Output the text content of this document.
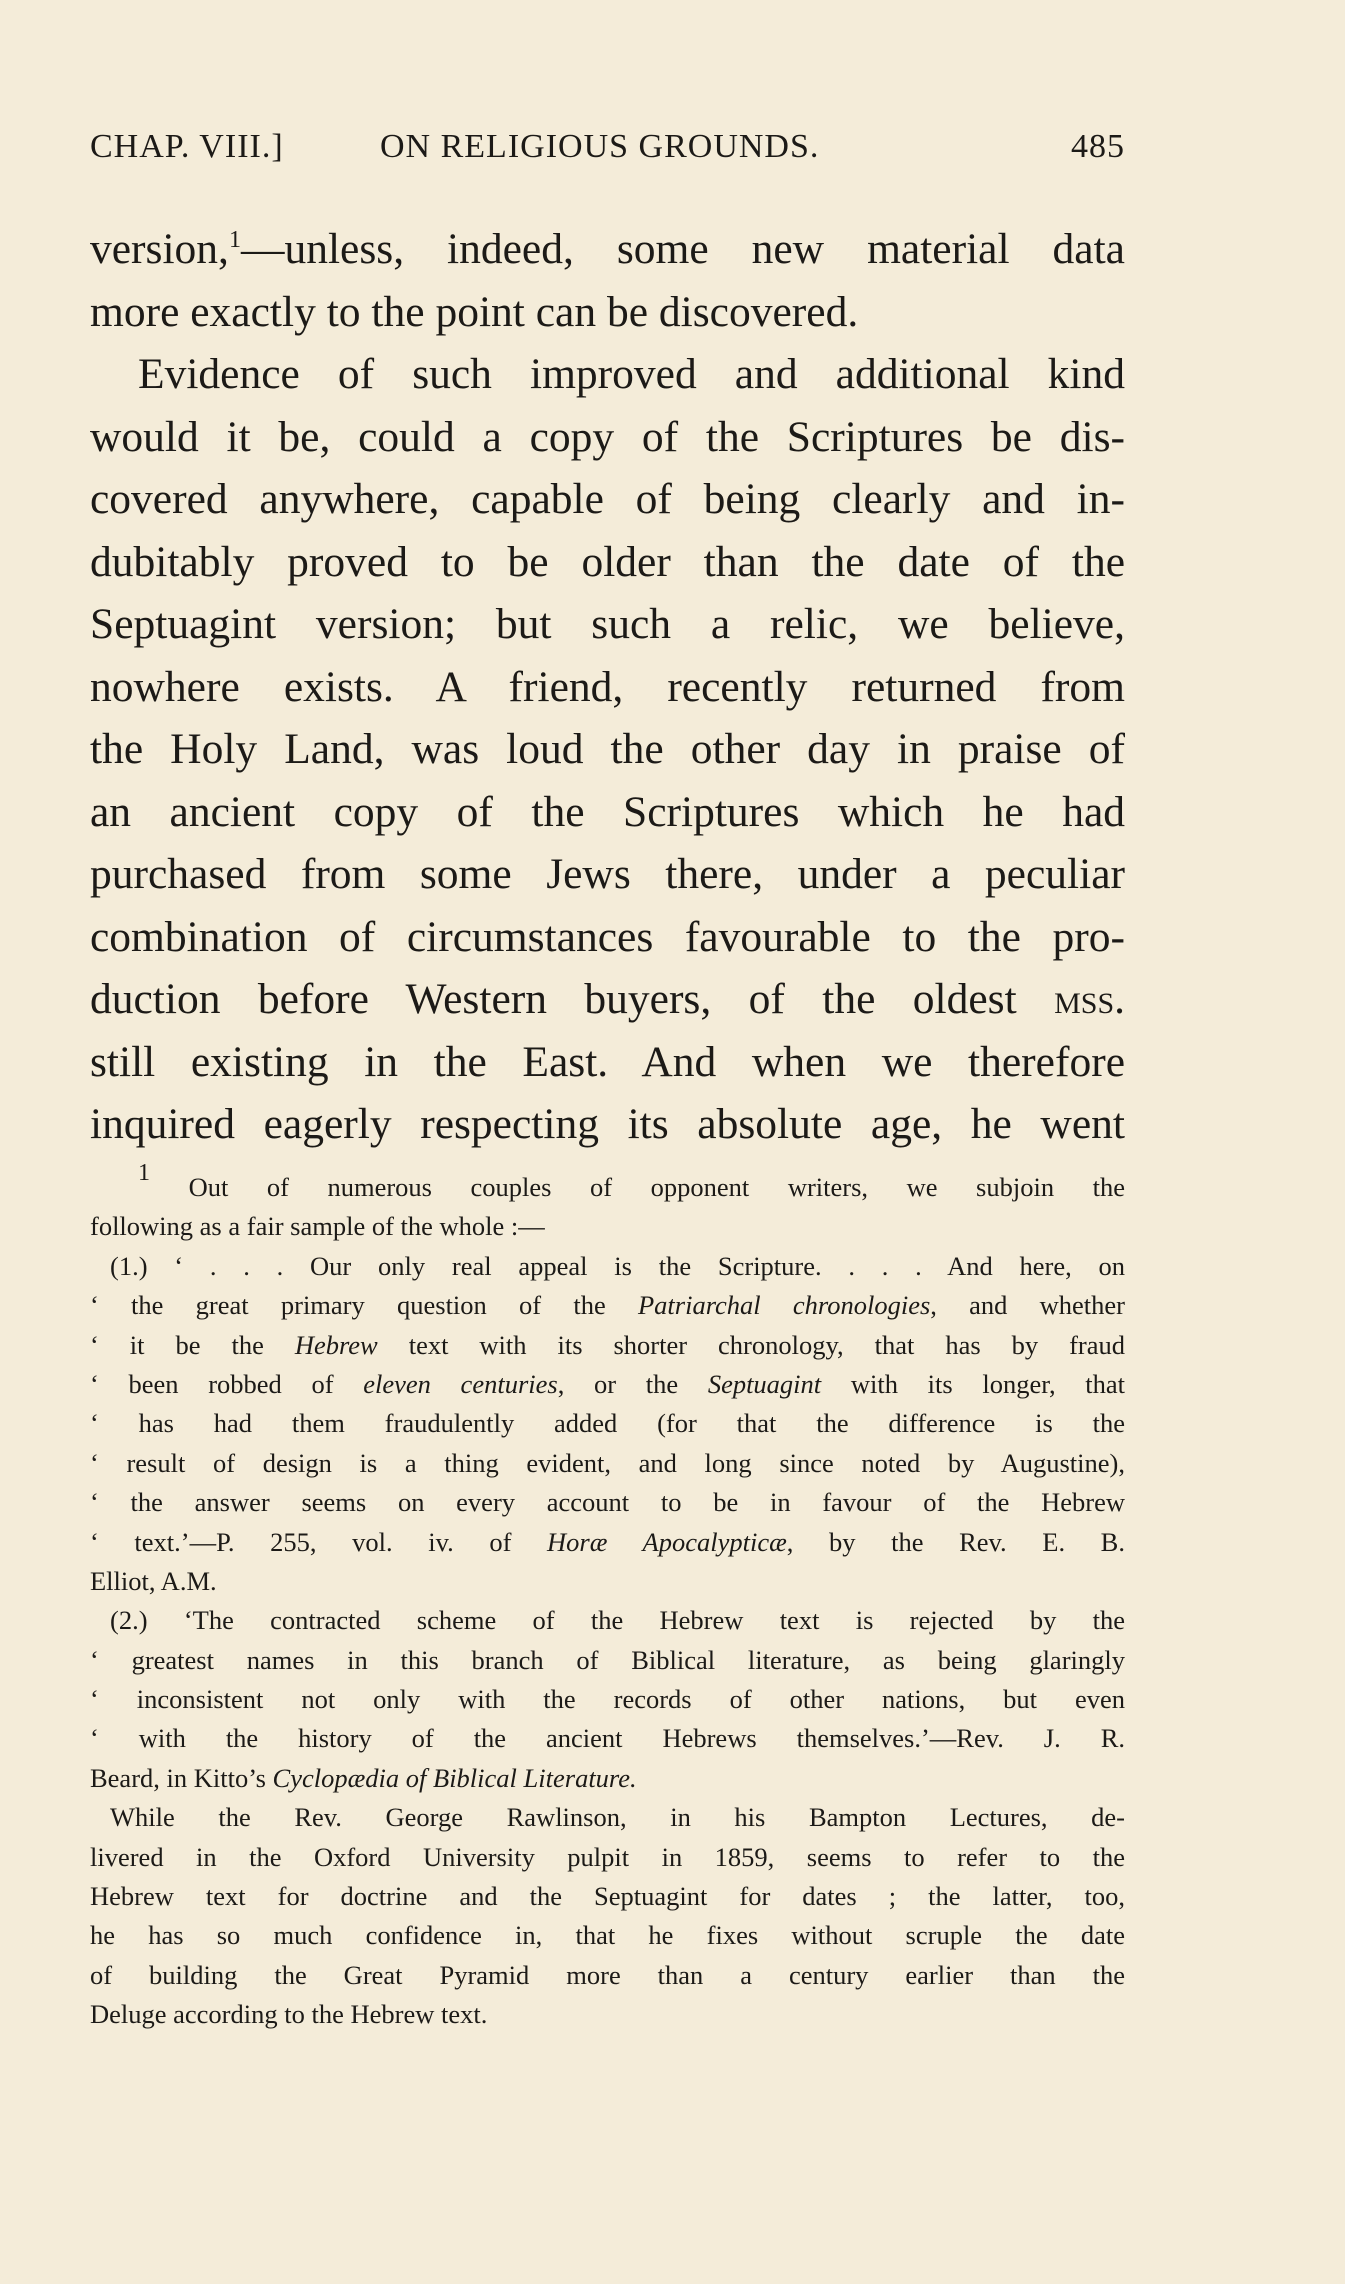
CHAP. VIII.]	ON RELIGIOUS GROUNDS.	485
version,$^1$—unless, indeed, some new material data
more exactly to the point can be discovered.
Evidence of such improved and additional kind
would it be, could a copy of the Scriptures be dis-
covered anywhere, capable of being clearly and in-
dubitably proved to be older than the date of the
Septuagint version; but such a relic, we believe,
nowhere exists. A friend, recently returned from
the Holy Land, was loud the other day in praise of
an ancient copy of the Scriptures which he had
purchased from some Jews there, under a peculiar
combination of circumstances favourable to the pro-
duction before Western buyers, of the oldest mss.
still existing in the East. And when we therefore
inquired eagerly respecting its absolute age, he went
$^1$ Out of numerous couples of opponent writers, we subjoin the
following as a fair sample of the whole :—
(1.) ‘ . . . Our only real appeal is the Scripture. . . . And here, on
‘ the great primary question of the Patriarchal chronologies, and whether
‘ it be the Hebrew text with its shorter chronology, that has by fraud
‘ been robbed of eleven centuries, or the Septuagint with its longer, that
‘ has had them fraudulently added (for that the difference is the
‘ result of design is a thing evident, and long since noted by Augustine),
‘ the answer seems on every account to be in favour of the Hebrew
‘ text.’—P. 255, vol. iv. of Horæ Apocalypticæ, by the Rev. E. B.
Elliot, A.M.
(2.) ‘The contracted scheme of the Hebrew text is rejected by the
‘ greatest names in this branch of Biblical literature, as being glaringly
‘ inconsistent not only with the records of other nations, but even
‘ with the history of the ancient Hebrews themselves.’—Rev. J. R.
Beard, in Kitto’s Cyclopædia of Biblical Literature.
While the Rev. George Rawlinson, in his Bampton Lectures, de-
livered in the Oxford University pulpit in 1859, seems to refer to the
Hebrew text for doctrine and the Septuagint for dates ; the latter, too,
he has so much confidence in, that he fixes without scruple the date
of building the Great Pyramid more than a century earlier than the
Deluge according to the Hebrew text.
